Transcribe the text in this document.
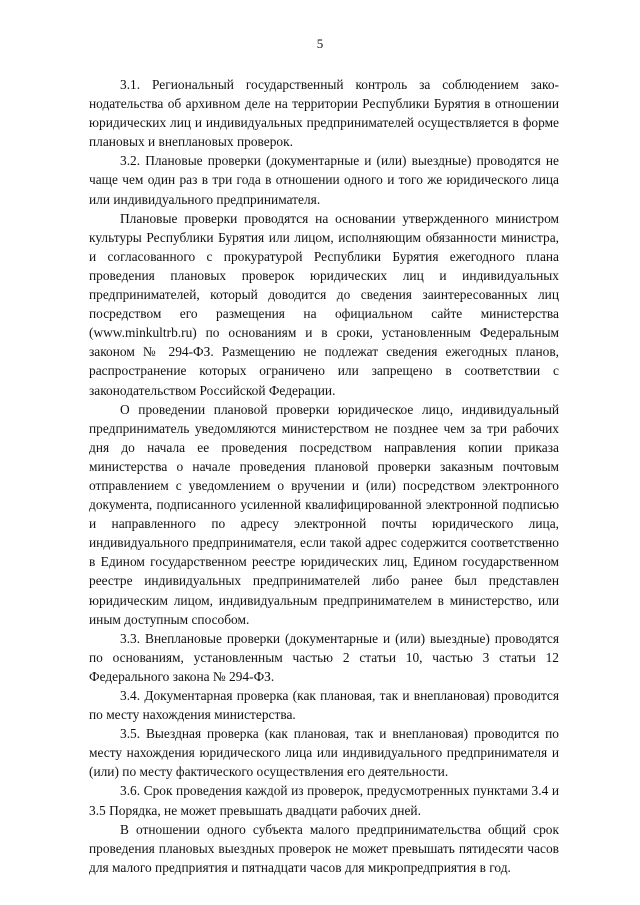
5

3.1. Региональный государственный контроль за соблюдением законодательства об архивном деле на территории Республики Бурятия в отношении юридических лиц и индивидуальных предпринимателей осуществляется в форме плановых и внеплановых проверок.

3.2. Плановые проверки (документарные и (или) выездные) проводятся не чаще чем один раз в три года в отношении одного и того же юридического лица или индивидуального предпринимателя.

Плановые проверки проводятся на основании утвержденного министром культуры Республики Бурятия или лицом, исполняющим обязанности министра, и согласованного с прокуратурой Республики Бурятия ежегодного плана проведения плановых проверок юридических лиц и индивидуальных предпринимателей, который доводится до сведения заинтересованных лиц посредством его размещения на официальном сайте министерства (www.minkultrb.ru) по основаниям и в сроки, установленным Федеральным законом № 294-ФЗ. Размещению не подлежат сведения ежегодных планов, распространение которых ограничено или запрещено в соответствии с законодательством Российской Федерации.

О проведении плановой проверки юридическое лицо, индивидуальный предприниматель уведомляются министерством не позднее чем за три рабочих дня до начала ее проведения посредством направления копии приказа министерства о начале проведения плановой проверки заказным почтовым отправлением с уведомлением о вручении и (или) посредством электронного документа, подписанного усиленной квалифицированной электронной подписью и направленного по адресу электронной почты юридического лица, индивидуального предпринимателя, если такой адрес содержится соответственно в Едином государственном реестре юридических лиц, Едином государственном реестре индивидуальных предпринимателей либо ранее был представлен юридическим лицом, индивидуальным предпринимателем в министерство, или иным доступным способом.

3.3. Внеплановые проверки (документарные и (или) выездные) проводятся по основаниям, установленным частью 2 статьи 10, частью 3 статьи 12 Федерального закона № 294-ФЗ.

3.4. Документарная проверка (как плановая, так и внеплановая) проводится по месту нахождения министерства.

3.5. Выездная проверка (как плановая, так и внеплановая) проводится по месту нахождения юридического лица или индивидуального предпринимателя и (или) по месту фактического осуществления его деятельности.

3.6. Срок проведения каждой из проверок, предусмотренных пунктами 3.4 и 3.5 Порядка, не может превышать двадцати рабочих дней.

В отношении одного субъекта малого предпринимательства общий срок проведения плановых выездных проверок не может превышать пятидесяти часов для малого предприятия и пятнадцати часов для микропредприятия в год.
